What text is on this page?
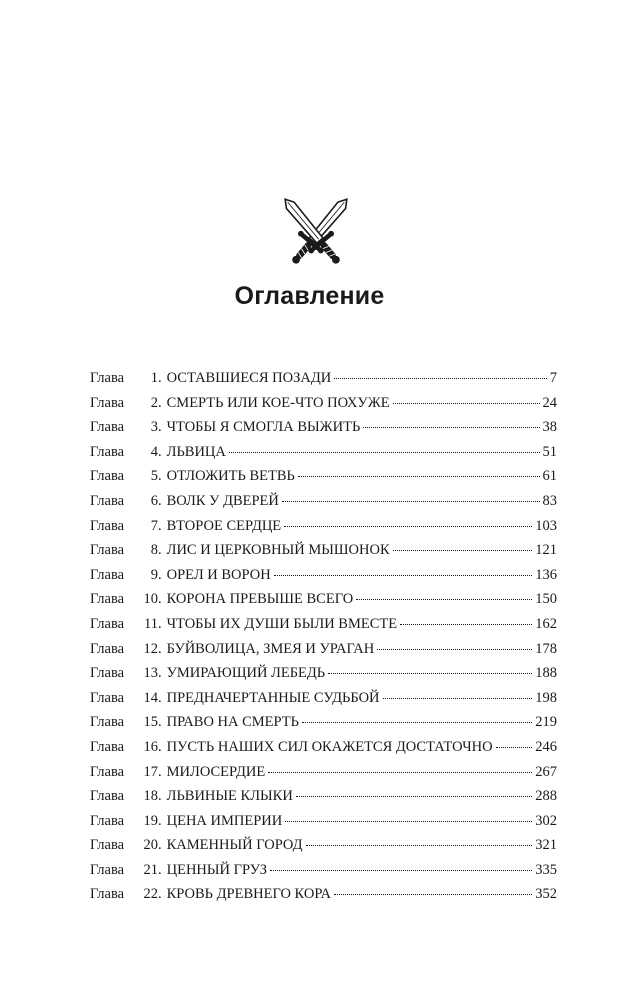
Оглавление
Глава	1 . ОСТАВШИЕСЯ ПОЗАДИ	7
Глава	2 . СМЕРТЬ ИЛИ КОЕ-ЧТО ПОХУЖЕ	24
Глава	3 . ЧТОБЫ Я СМОГЛА ВЫЖИТЬ	38
Глава	4 . ЛЬВИЦА	51
Глава	5 . ОТЛОЖИТЬ ВЕТВЬ	61
Глава	6 . ВОЛК У ДВЕРЕЙ	83
Глава	7 . ВТОРОЕ СЕРДЦЕ	103
Глава	8 . ЛИС И ЦЕРКОВНЫЙ МЫШОНОК	121
Глава	9 . ОРЕЛ И ВОРОН	136
Глава	10 . КОРОНА ПРЕВЫШЕ ВСЕГО	150
Глава	11 . ЧТОБЫ ИХ ДУШИ БЫЛИ ВМЕСТЕ	162
Глава	12 . БУЙВОЛИЦА, ЗМЕЯ И УРАГАН	178
Глава	13 . УМИРАЮЩИЙ ЛЕБЕДЬ	188
Глава	14 . ПРЕДНАЧЕРТАННЫЕ СУДЬБОЙ	198
Глава	15 . ПРАВО НА СМЕРТЬ	219
Глава	16 . ПУСТЬ НАШИХ СИЛ ОКАЖЕТСЯ ДОСТАТОЧНО	246
Глава	17 . МИЛОСЕРДИЕ	267
Глава	18 . ЛЬВИНЫЕ КЛЫКИ	288
Глава	19 . ЦЕНА ИМПЕРИИ	302
Глава	20 . КАМЕННЫЙ ГОРОД	321
Глава	21 . ЦЕННЫЙ ГРУЗ	335
Глава	22 . КРОВЬ ДРЕВНЕГО КОРА	352
